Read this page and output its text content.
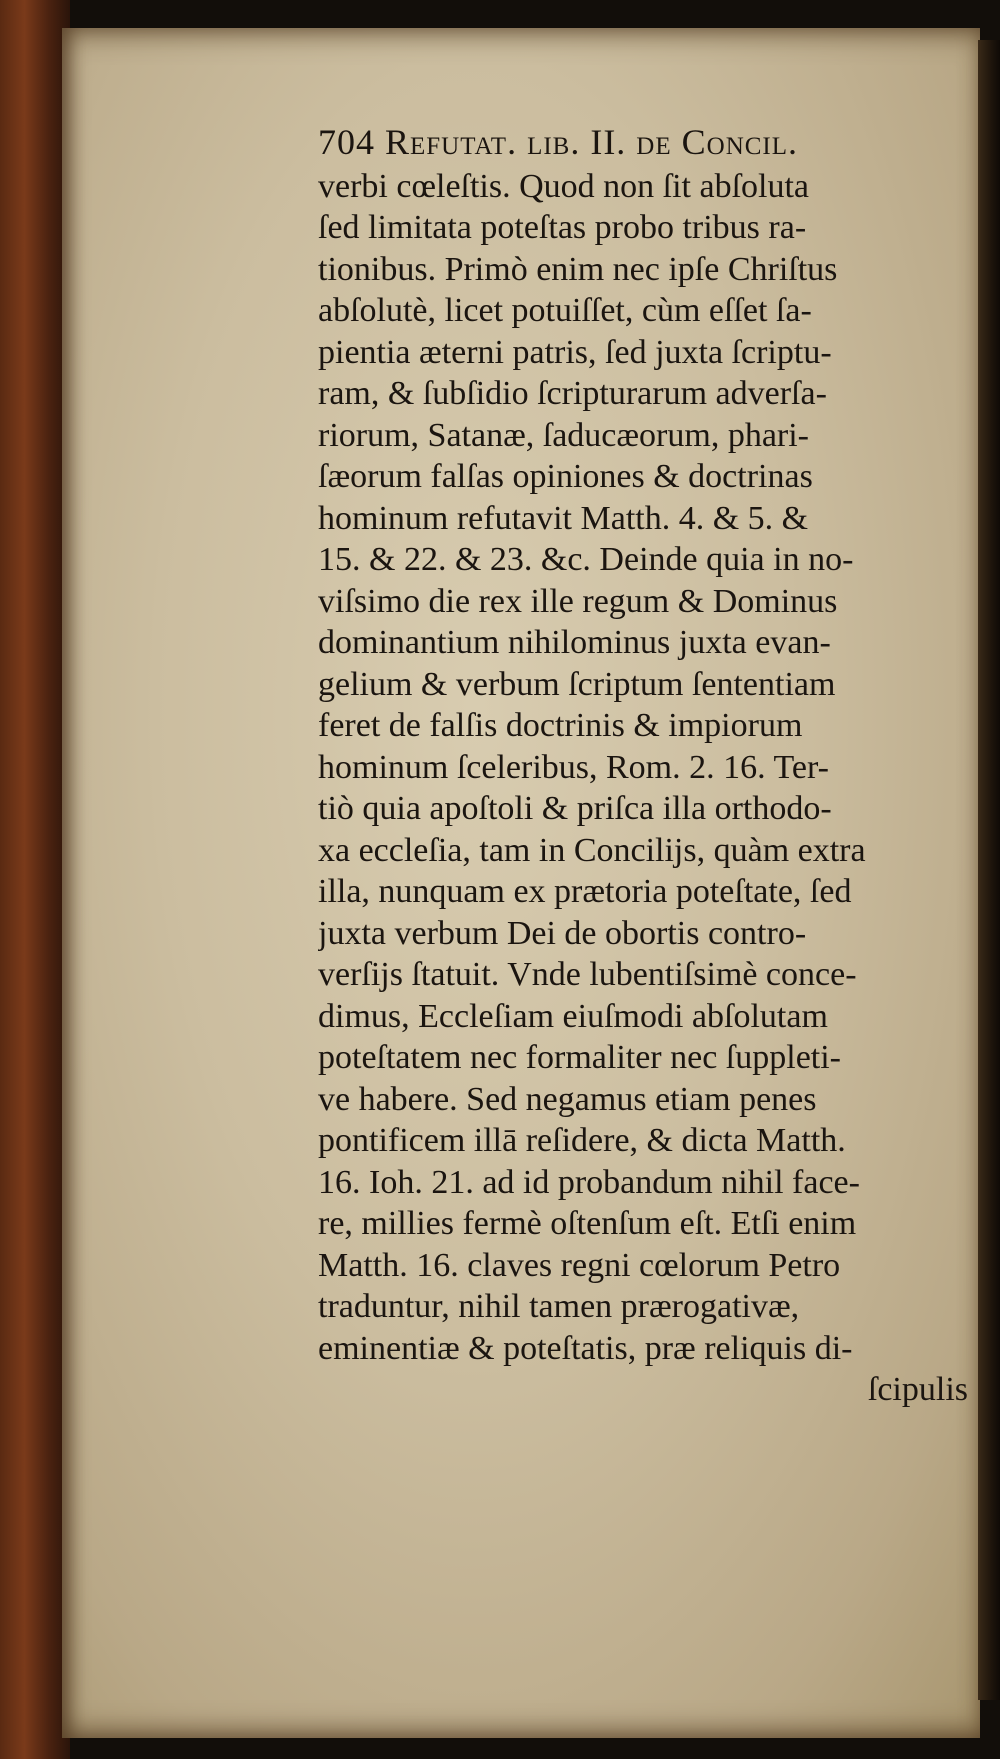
704 Refutat. lib. II. de Concil.
verbi cœleſtis. Quod non ſit abſoluta
ſed limitata poteſtas probo tribus ra-
tionibus. Primò enim nec ipſe Chriſtus
abſolutè, licet potuiſſet, cùm eſſet ſa-
pientia æterni patris, ſed juxta ſcriptu-
ram, & ſubſidio ſcripturarum adverſa-
riorum, Satanæ, ſaducæorum, phari-
ſæorum falſas opiniones & doctrinas
hominum refutavit Matth. 4. & 5. &
15. & 22. & 23. &c. Deinde quia in no-
viſsimo die rex ille regum & Dominus
dominantium nihilominus juxta evan-
gelium & verbum ſcriptum ſententiam
feret de falſis doctrinis & impiorum
hominum ſceleribus, Rom. 2. 16. Ter-
tiò quia apoſtoli & priſca illa orthodo-
xa eccleſia, tam in Concilijs, quàm extra
illa, nunquam ex prætoria poteſtate, ſed
juxta verbum Dei de obortis contro-
verſijs ſtatuit. Vnde lubentiſsimè conce-
dimus, Eccleſiam eiuſmodi abſolutam
poteſtatem nec formaliter nec ſuppleti-
ve habere. Sed negamus etiam penes
pontificem illā reſidere, & dicta Matth.
16. Ioh. 21. ad id probandum nihil face-
re, millies fermè oſtenſum eſt. Etſi enim
Matth. 16. claves regni cœlorum Petro
traduntur, nihil tamen prærogativæ,
eminentiæ & poteſtatis, præ reliquis di-
ſcipulis
